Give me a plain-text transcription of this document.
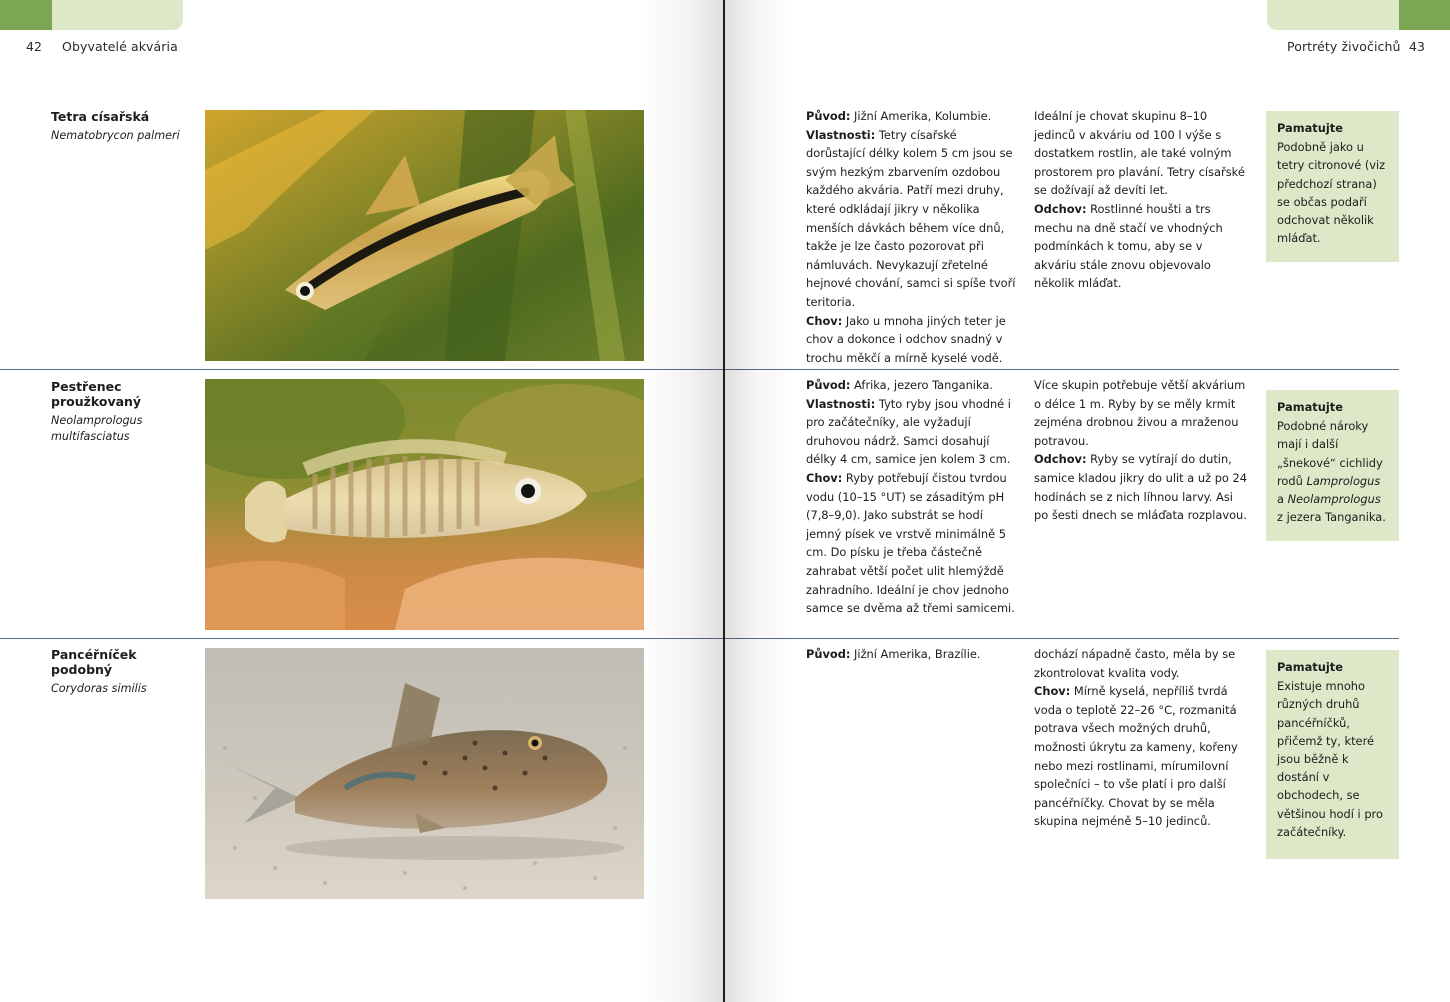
42 Obyvatelé akvária	Portréty živočichů 43
Tetra císařská
Nematobrycon palmeri

Původ: Jižní Amerika, Kolumbie.

Vlastnosti: Tetry císařské dorůstající délky kolem 5 cm jsou se svým hezkým zbarvením ozdobou každého akvária. Patří mezi druhy, které odkládají jikry v několika menších dávkách během více dnů, takže je lze často pozorovat při námluvách. Nevykazují zřetelné hejnové chování, samci si spíše tvoří teritoria.

Chov: Jako u mnoha jiných teter je chov a dokonce i odchov snadný v trochu měkčí a mírně kyselé vodě.

Ideální je chovat skupinu 8–10 jedinců v akváriu od 100 l výše s dostatkem rostlin, ale také volným prostorem pro plavání. Tetry císařské se dožívají až devíti let.

Odchov: Rostlinné houšti a trs mechu na dně stačí ve vhodných podmínkách k tomu, aby se v akváriu stále znovu objevovalo několik mláďat.

Pamatujte
Podobně jako u tetry citronové (viz předchozí strana) se občas podaří odchovat několik mláďat.
Pestřenec proužkovaný
Neolamprologus multifasciatus

Původ: Afrika, jezero Tanganika.

Vlastnosti: Tyto ryby jsou vhodné i pro začátečníky, ale vyžadují druhovou nádrž. Samci dosahují délky 4 cm, samice jen kolem 3 cm.

Chov: Ryby potřebují čistou tvrdou vodu (10–15 °UT) se zásaditým pH (7,8–9,0). Jako substrát se hodí jemný písek ve vrstvě minimálně 5 cm. Do písku je třeba částečně zahrabat větší počet ulit hlemýždě zahradního. Ideální je chov jednoho samce se dvěma až třemi samicemi.

Více skupin potřebuje větší akvárium o délce 1 m. Ryby by se měly krmit zejména drobnou živou a mraženou potravou.

Odchov: Ryby se vytírají do dutin, samice kladou jikry do ulit a už po 24 hodinách se z nich líhnou larvy. Asi po šesti dnech se mláďata rozplavou.

Pamatujte
Podobné nároky mají i další „šnekové“ cichlidy rodů Lamprologus a Neolamprologus z jezera Tanganika.
Pancéřníček podobný
Corydoras similis

Původ: Jižní Amerika, Brazílie.	dochází nápadně často, měla by se zkontrolovat kvalita vody.

Chov: Mírně kyselá, nepříliš tvrdá voda o teplotě 22–26 °C, rozmanitá potrava všech možných druhů, možnosti úkrytu za kameny, kořeny nebo mezi rostlinami, mírumilovní společníci – to vše platí i pro další pancéřníčky. Chovat by se měla skupina nejméně 5–10 jedinců.

Pamatujte
Existuje mnoho různých druhů pancéřníčků, přičemž ty, které jsou běžně k dostání v obchodech, se většinou hodí i pro začátečníky.
